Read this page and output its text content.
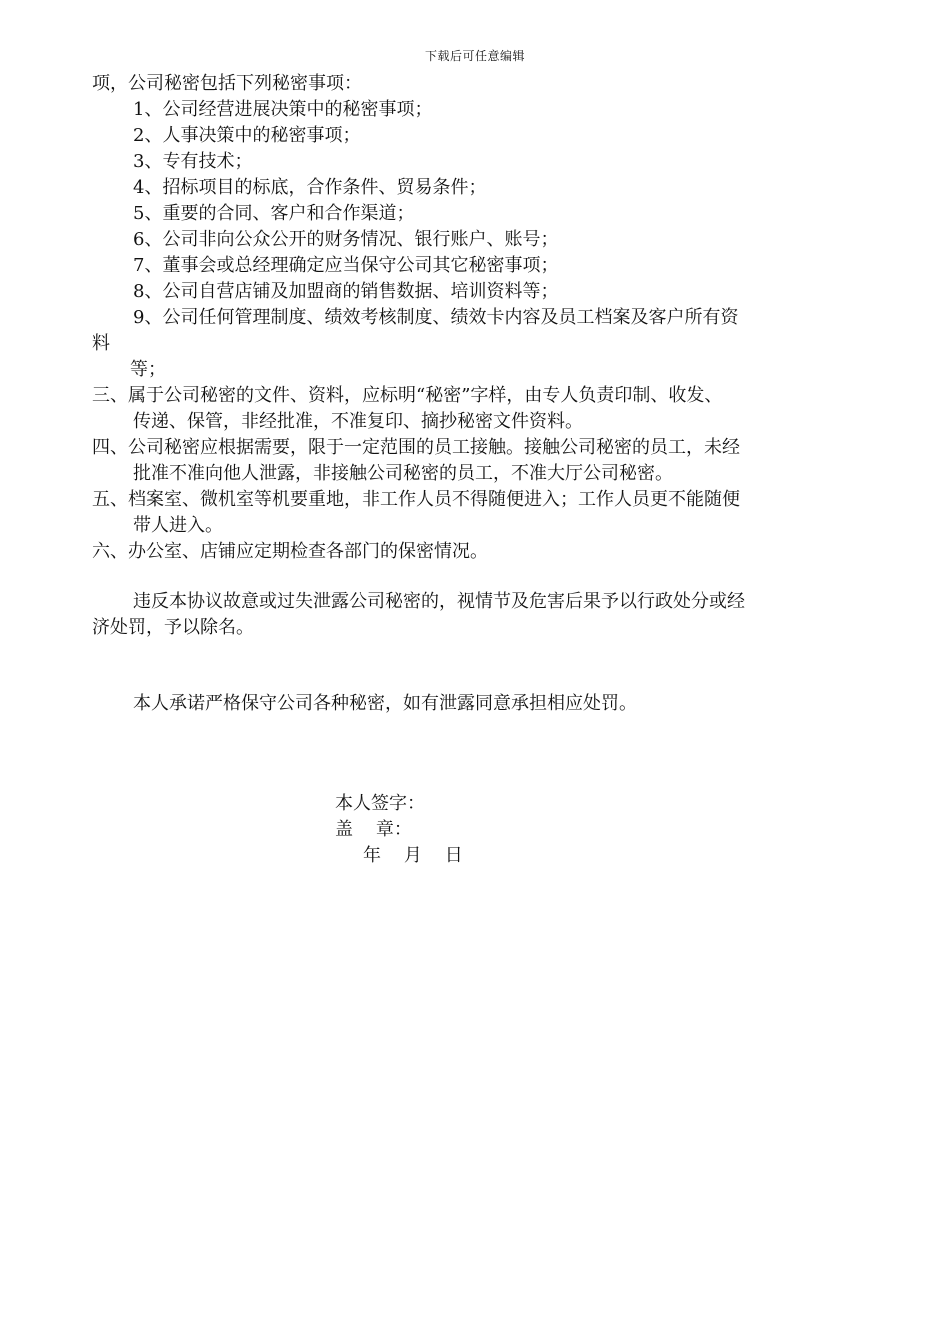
下载后可任意编辑
项，公司秘密包括下列秘密事项：
1、公司经营进展决策中的秘密事项；
2、人事决策中的秘密事项；
3、专有技术；
4、招标项目的标底，合作条件、贸易条件；
5、重要的合同、客户和合作渠道；
6、公司非向公众公开的财务情况、银行账户、账号；
7、董事会或总经理确定应当保守公司其它秘密事项；
8、公司自营店铺及加盟商的销售数据、培训资料等；
9、公司任何管理制度、绩效考核制度、绩效卡内容及员工档案及客户所有资
料
等；
三、属于公司秘密的文件、资料，应标明“秘密”字样，由专人负责印制、收发、
传递、保管，非经批准，不准复印、摘抄秘密文件资料。
四、公司秘密应根据需要，限于一定范围的员工接触。接触公司秘密的员工，未经
批准不准向他人泄露，非接触公司秘密的员工，不准大厅公司秘密。
五、档案室、微机室等机要重地，非工作人员不得随便进入；工作人员更不能随便
带人进入。
六、办公室、店铺应定期检查各部门的保密情况。
违反本协议故意或过失泄露公司秘密的，视情节及危害后果予以行政处分或经
济处罚，予以除名。
本人承诺严格保守公司各种秘密，如有泄露同意承担相应处罚。
本人签字：
盖    章：
年    月    日
